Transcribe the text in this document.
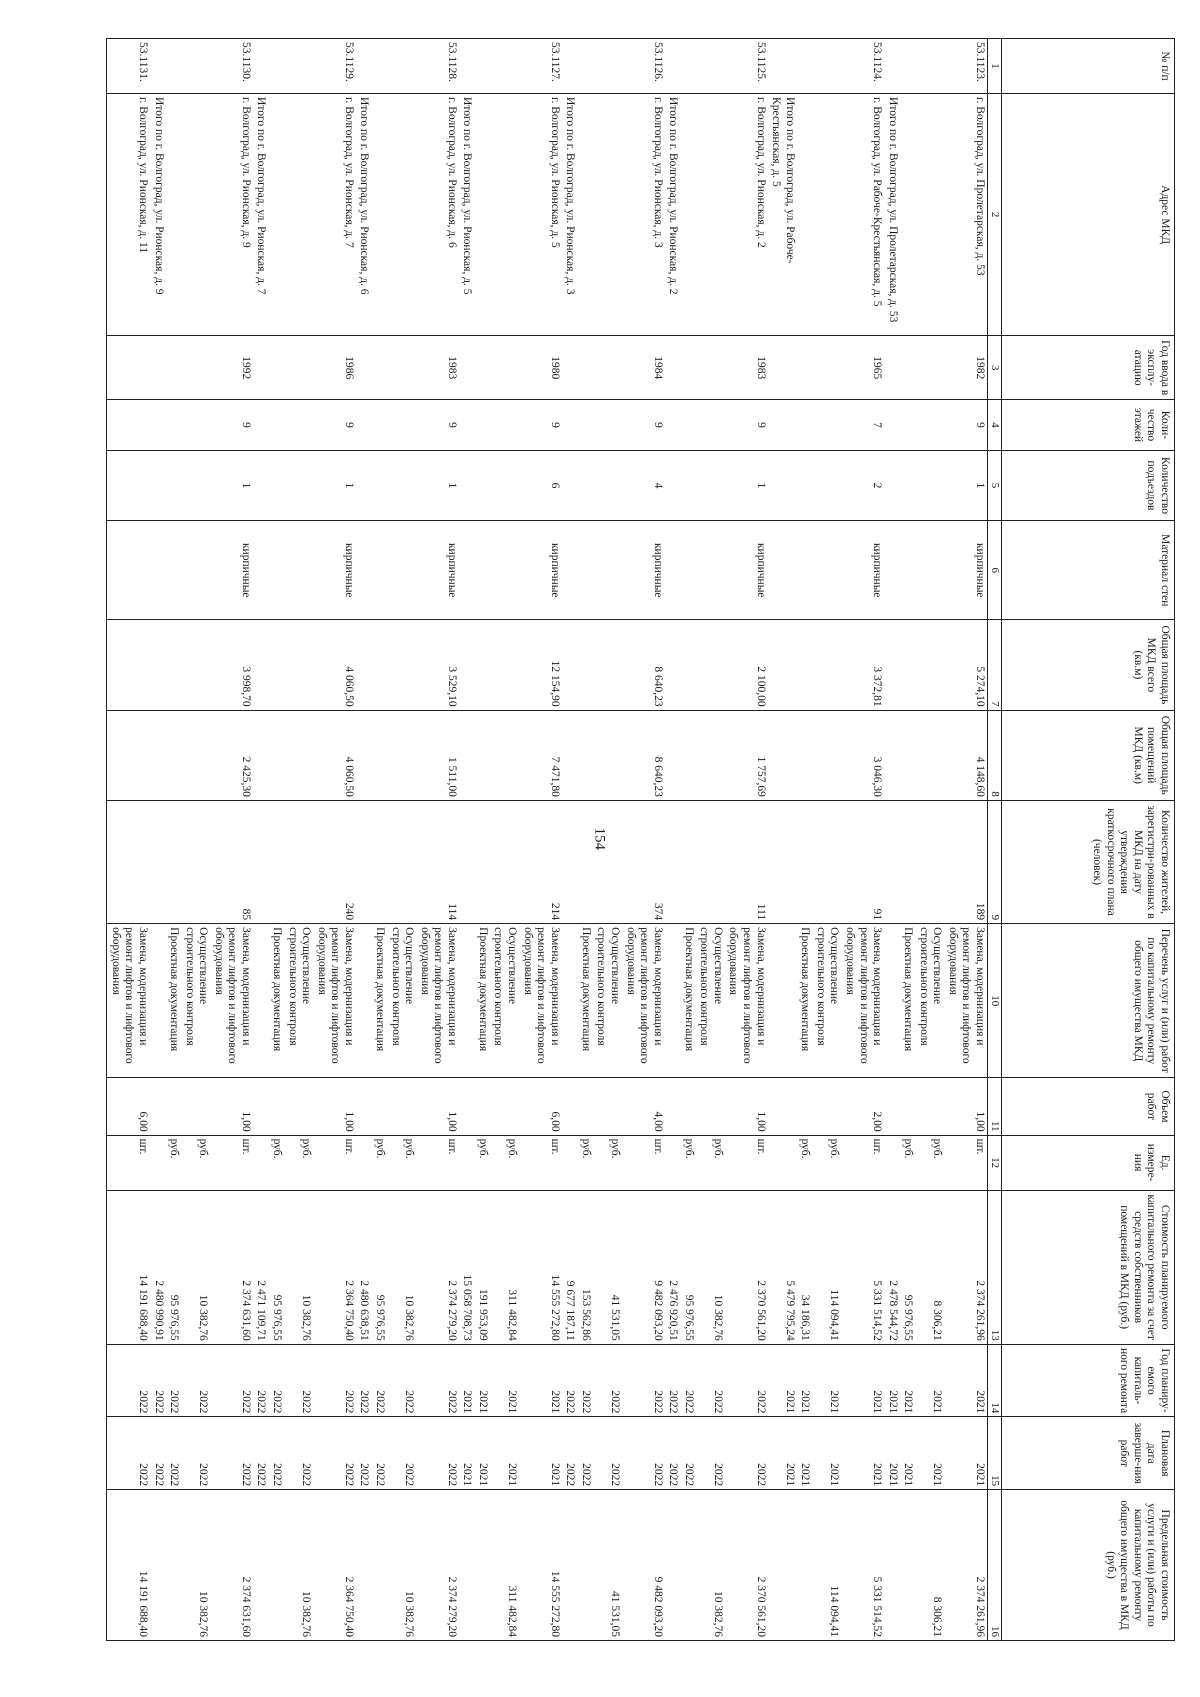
154
№ п/п	Адрес МКД	Год ввода в эксплу-атацию	Коли-чество этажей	Количество подъездов	Материал стен	Общая площадь МКД всего (кв.м)	Общая площадь помещений МКД (кв.м)	Количество жителей, зарегистри-рованных в МКД на дату утверждения краткосрочного плана (человек)	Перечень услуг и (или) работ по капитальному ремонту общего имущества МКД	Объем работ	Ед. измере-ния	Стоимость планируемого капитального ремонта за счет средств собственников помещений в МКД (руб.)	Год планиру-емого капиталь-ного ремонта	Плановая дата заверше-ния работ	Предельная стоимость услуги и (или) работы по капитальному ремонту общего имущества в МКД (руб.)
1	2	3	4	5	6	7	8	9	10	11	12	13	14	15	16
53.1123.	г. Волгоград, ул. Пролетарская, д. 53	1982	9	1	кирпичные	5 274,10	4 148,60	189	Замена, модернизация и ремонт лифтов и лифтового оборудования	1,00	шт.	2 374 261,96	2021	2021	2 374 261,96
									Осуществление строительного контроля		руб.	8 306,21	2021	2021	8 306,21
									Проектная документация		руб.	95 976,55	2021	2021	
	Итого по г. Волгоград, ул. Пролетарская, д. 53											2 478 544,72	2021	2021	
53.1124.	г. Волгоград, ул. Рабоче-Крестьянская, д. 5	1965	7	2	кирпичные	3 372,81	3 046,30	91	Замена, модернизация и ремонт лифтов и лифтового оборудования	2,00	шт.	5 331 514,52	2021	2021	5 331 514,52
									Осуществление строительного контроля		руб.	114 094,41	2021	2021	114 094,41
									Проектная документация		руб.	34 186,31	2021	2021	
	Итого по г. Волгоград, ул. Рабоче-Крестьянская, д. 5											5 479 795,24	2021	2021	
53.1125.	г. Волгоград, ул. Рионская, д. 2	1983	9	1	кирпичные	2 100,00	1 757,69	111	Замена, модернизация и ремонт лифтов и лифтового оборудования	1,00	шт.	2 370 561,20	2022	2022	2 370 561,20
									Осуществление строительного контроля		руб.	10 382,76	2022	2022	10 382,76
									Проектная документация		руб.	95 976,55	2022	2022	
	Итого по г. Волгоград, ул. Рионская, д. 2											2 476 920,51	2022	2022	
53.1126.	г. Волгоград, ул. Рионская, д. 3	1984	9	4	кирпичные	8 640,23	8 640,23	374	Замена, модернизация и ремонт лифтов и лифтового оборудования	4,00	шт.	9 482 093,20	2022	2022	9 482 093,20
									Осуществление строительного контроля		руб.	41 531,05	2022	2022	41 531,05
									Проектная документация		руб.	153 562,86	2022	2022	
	Итого по г. Волгоград, ул. Рионская, д. 3											9 677 187,11	2022	2022	
53.1127.	г. Волгоград, ул. Рионская, д. 5	1980	9	6	кирпичные	12 154,90	7 471,80	214	Замена, модернизация и ремонт лифтов и лифтового оборудования	6,00	шт.	14 555 272,80	2021	2021	14 555 272,80
									Осуществление строительного контроля		руб.	311 482,84	2021	2021	311 482,84
									Проектная документация		руб.	191 953,09	2021	2021	
	Итого по г. Волгоград, ул. Рионская, д. 5											15 058 708,73	2021	2021	
53.1128.	г. Волгоград, ул. Рионская, д. 6	1983	9	1	кирпичные	3 529,10	1 511,00	114	Замена, модернизация и ремонт лифтов и лифтового оборудования	1,00	шт.	2 374 279,20	2022	2022	2 374 279,20
									Осуществление строительного контроля		руб.	10 382,76	2022	2022	10 382,76
									Проектная документация		руб.	95 976,55	2022	2022	
	Итого по г. Волгоград, ул. Рионская, д. 6											2 480 638,51	2022	2022	
53.1129.	г. Волгоград, ул. Рионская, д. 7	1986	9	1	кирпичные	4 060,50	4 060,50	240	Замена, модернизация и ремонт лифтов и лифтового оборудования	1,00	шт.	2 364 750,40	2022	2022	2 364 750,40
									Осуществление строительного контроля		руб.	10 382,76	2022	2022	10 382,76
									Проектная документация		руб.	95 976,55	2022	2022	
	Итого по г. Волгоград, ул. Рионская, д. 7											2 471 109,71	2022	2022	
53.1130.	г. Волгоград, ул. Рионская, д. 9	1992	9	1	кирпичные	3 998,70	2 425,30	85	Замена, модернизация и ремонт лифтов и лифтового оборудования	1,00	шт.	2 374 631,60	2022	2022	2 374 631,60
									Осуществление строительного контроля		руб.	10 382,76	2022	2022	10 382,76
									Проектная документация		руб.	95 976,55	2022	2022	
	Итого по г. Волгоград, ул. Рионская, д. 9											2 480 990,91	2022	2022	
53.1131.	г. Волгоград, ул. Рионская, д. 11								Замена, модернизация и ремонт лифтов и лифтового оборудования	6,00	шт.	14 191 688,40	2022	2022	14 191 688,40
